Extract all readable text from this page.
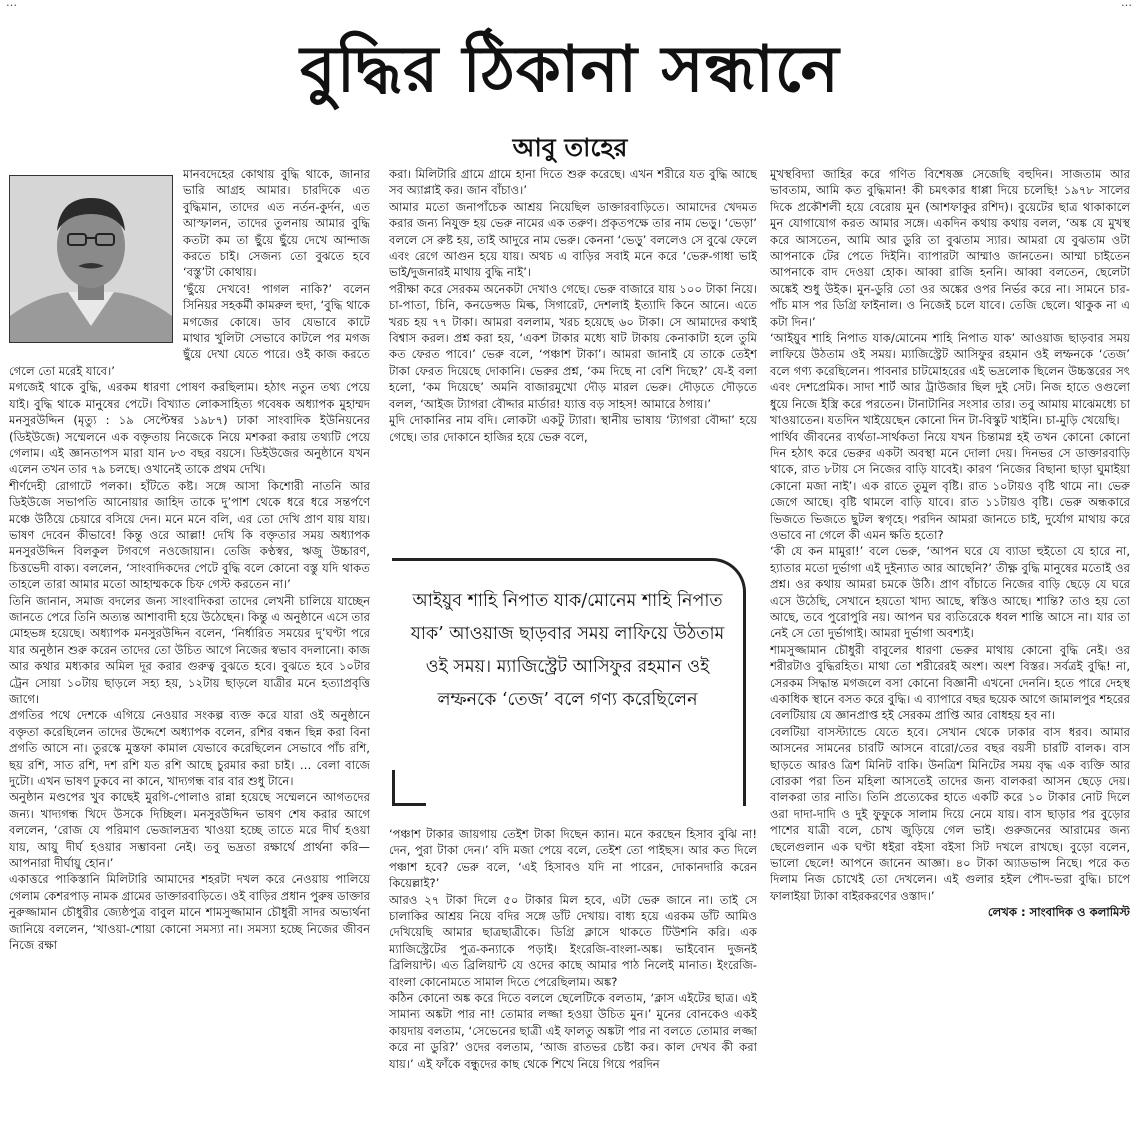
…	…
বুদ্ধির ঠিকানা সন্ধানে
আবু তাহের

মানবদেহের কোথায় বুদ্ধি থাকে, জানার ভারি আগ্রহ আমার। চারদিকে এত বুদ্ধিমান, তাদের এত নর্তন-কুর্দন, এত আস্ফালন, তাদের তুলনায় আমার বুদ্ধি কতটা কম তা ছুঁয়ে ছুঁয়ে দেখে আন্দাজ করতে চাই। সেজন্য তো বুঝতে হবে ‘বস্তু’টা কোথায়।

‘ছুঁয়ে দেখবে! পাগল নাকি?’ বলেন সিনিয়র সহকর্মী কামরুল হুদা, ‘বুদ্ধি থাকে মগজের কোষে। ডাব যেভাবে কাটে মাথার খুলিটা সেভাবে কাটলে পর মগজ ছুঁয়ে দেখা যেতে পারে। ওই কাজ করতে গেলে তো মরেই যাবে।’

মগজেই থাকে বুদ্ধি, এরকম ধারণা পোষণ করছিলাম। হঠাৎ নতুন তথ্য পেয়ে যাই। বুদ্ধি থাকে মানুষের পেটে। বিখ্যাত লোকসাহিত্য গবেষক অধ্যাপক মুহাম্মদ মনসুরউদ্দিন (মৃত্যু : ১৯ সেপ্টেম্বর ১৯৮৭) ঢাকা সাংবাদিক ইউনিয়নের (ডিইউজে) সম্মেলনে এক বক্তৃতায় নিজেকে নিয়ে মশকরা করায় তথ্যটি পেয়ে গেলাম। এই জ্ঞানতাপস মারা যান ৮৩ বছর বয়সে। ডিইউজের অনুষ্ঠানে যখন এলেন তখন তার ৭৯ চলছে। ওখানেই তাকে প্রথম দেখি।

শীর্ণদেহী রোগাটে পলকা। হাঁটতে কষ্ট। সঙ্গে আসা কিশোরী নাতনি আর ডিইউজে সভাপতি আনোয়ার জাহিদ তাকে দু’পাশ থেকে ধরে ধরে সন্তর্পণে মঞ্চে উঠিয়ে চেয়ারে বসিয়ে দেন। মনে মনে বলি, এর তো দেখি প্রাণ যায় যায়। ভাষণ দেবেন কীভাবে! কিন্তু ওরে আল্লা! দেখি কি বক্তৃতার সময় অধ্যাপক মনসুরউদ্দিন বিলকুল টগবগে নওজোয়ান। তেজি কণ্ঠস্বর, ঋজু উচ্চারণ, চিত্তভেদী বাক্য। বললেন, ‘সাংবাদিকদের পেটে বুদ্ধি বলে কোনো বস্তু যদি থাকত তাহলে তারা আমার মতো আহাম্মককে চিফ গেস্ট করতেন না।’

তিনি জানান, সমাজ বদলের জন্য সাংবাদিকরা তাদের লেখনী চালিয়ে যাচ্ছেন জানতে পেরে তিনি অত্যন্ত আশাবাদী হয়ে উঠেছেন। কিন্তু এ অনুষ্ঠানে এসে তার মোহভঙ্গ হয়েছে। অধ্যাপক মনসুরউদ্দিন বলেন, ‘নির্ধারিত সময়ের দু’ঘণ্টা পরে যার অনুষ্ঠান শুরু করেন তাদের তো উচিত আগে নিজের স্বভাব বদলানো। কাজ আর কথার মধ্যকার অমিল দূর করার গুরুত্ব বুঝতে হবে। বুঝতে হবে ১০টার ট্রেন সোয়া ১০টায় ছাড়লে সহ্য হয়, ১২টায় ছাড়লে যাত্রীর মনে হত্যাপ্রবৃত্তি জাগে।

প্রগতির পথে দেশকে এগিয়ে নেওয়ার সংকল্প ব্যক্ত করে যারা ওই অনুষ্ঠানে বক্তৃতা করেছিলেন তাদের উদ্দেশে অধ্যাপক বলেন, রশির বন্ধন ছিন্ন করা বিনা প্রগতি আসে না। তুরস্কে মুস্তফা কামাল যেভাবে করেছিলেন সেভাবে পাঁচ রশি, ছয় রশি, সাত রশি, দশ রশি যত রশি আছে চুরমার করা চাই। … বেলা বাজে দুটো। এখন ভাষণ ঢুকবে না কানে, খাদ্যগন্ধ বার বার শুধু টানে।

অনুষ্ঠান মণ্ডপের খুব কাছেই মুরগি-পোলাও রান্না হয়েছে সম্মেলনে আগতদের জন্য। খাদ্যগন্ধ খিদে উসকে দিচ্ছিল। মনসুরউদ্দিন ভাষণ শেষ করার আগে বললেন, ‘রোজ যে পরিমাণ ভেজালদ্রব্য খাওয়া হচ্ছে তাতে মরে দীর্ঘ হওয়া যায়, আয়ু দীর্ঘ হওয়ার সম্ভাবনা নেই। তবু ভদ্রতা রক্ষার্থে প্রার্থনা করি— আপনারা দীর্ঘায়ু হোন।’

একাত্তরে পাকিস্তানি মিলিটারি আমাদের শহরটা দখল করে নেওয়ায় পালিয়ে গেলাম কেশরপাড় নামক গ্রামের ডাক্তারবাড়িতে। ওই বাড়ির প্রধান পুরুষ ডাক্তার নুরুজ্জামান চৌধুরীর জ্যেষ্ঠপুত্র বাবুল মানে শামসুজ্জামান চৌধুরী সাদর অভ্যর্থনা জানিয়ে বললেন, ‘খাওয়া-শোয়া কোনো সমস্যা না। সমস্যা হচ্ছে নিজের জীবন নিজে রক্ষা

করা। মিলিটারি গ্রামে গ্রামে হানা দিতে শুরু করেছে। এখন শরীরে যত বুদ্ধি আছে সব অ্যাপ্লাই কর। জান বাঁচাও।’

আমার মতো জনাপাঁচেক আশ্রয় নিয়েছিল ডাক্তারবাড়িতে। আমাদের খেদমত করার জন্য নিযুক্ত হয় ভেরু নামের এক তরুণ। প্রকৃতপক্ষে তার নাম ভেড়ু। ‘ভেড়া’ বললে সে রুষ্ট হয়, তাই আদুরে নাম ভেরু। কেননা ‘ভেড়ু’ বললেও সে বুঝে ফেলে এবং রেগে আগুন হয়ে যায়। অথচ এ বাড়ির সবাই মনে করে ‘ভেরু-গাধা ভাই ভাই/দুজনারই মাথায় বুদ্ধি নাই’।

পরীক্ষা করে সেরকম অনেকটা দেখাও গেছে। ভেরু বাজারে যায় ১০০ টাকা নিয়ে। চা-পাতা, চিনি, কনডেন্সড মিল্ক, সিগারেট, দেশলাই ইত্যাদি কিনে আনে। এতে খরচ হয় ৭৭ টাকা। আমরা বললাম, খরচ হয়েছে ৬০ টাকা। সে আমাদের কথাই বিশ্বাস করল। প্রশ্ন করা হয়, ‘একশ টাকার মধ্যে ষাট টাকায় কেনাকাটা হলে তুমি কত ফেরত পাবে।’ ভেরু বলে, ‘পঞ্চাশ টাকা’। আমরা জানাই যে তাকে তেইশ টাকা ফেরত দিয়েছে দোকানি। ভেরুর প্রশ্ন, ‘কম দিছে না বেশি দিছে?’ যে-ই বলা হলো, ‘কম দিয়েছে’ অমনি বাজারমুখো দৌড় মারল ভেরু। দৌড়তে দৌড়তে বলল, ‘আইজ ট্যাগরা বৌদ্দার মার্ডার! য্যাত্ত বড় সাহস! আমারে ঠগায়।’

মুদি দোকানির নাম বদি। লোকটা একটু ট্যারা। স্থানীয় ভাষায় ‘ট্যাগরা বৌদ্দা’ হয়ে গেছে। তার দোকানে হাজির হয়ে ভেরু বলে,

‘পঞ্চাশ টাকার জায়গায় তেইশ টাকা দিছেন ক্যান। মনে করছেন হিসাব বুঝি না! দেন, পুরা টাকা দেন।’ বদি মজা পেয়ে বলে, তেইশ তো পাইছস। আর কত দিলে পঞ্চাশ হবে? ভেরু বলে, ‘এই হিসাবও যদি না পারেন, দোকানদারি করেন কিয়েল্লাই?’

আরও ২৭ টাকা দিলে ৫০ টাকার মিল হবে, এটা ভেরু জানে না। তাই সে চালাকির আশ্রয় নিয়ে বদির সঙ্গে ডাঁট দেখায়। বাধ্য হয়ে এরকম ডাঁট আমিও দেখিয়েছি আমার ছাত্রছাত্রীকে। ডিগ্রি ক্লাসে থাকতে টিউশনি করি। এক ম্যাজিস্ট্রেটের পুত্র-কন্যাকে পড়াই। ইংরেজি-বাংলা-অঙ্ক। ভাইবোন দুজনই ব্রিলিয়ান্ট। এত ব্রিলিয়ান্ট যে ওদের কাছে আমার পাঠ নিলেই মানাত। ইংরেজি-বাংলা কোনোমতে সামাল দিতে পেরেছিলাম। অঙ্ক?

কঠিন কোনো অঙ্ক করে দিতে বললে ছেলেটিকে বলতাম, ‘ক্লাস এইটের ছাত্র। এই সামান্য অঙ্কটা পার না! তোমার লজ্জা হওয়া উচিত মুন।’ মুনের বোনকেও একই কায়দায় বলতাম, ‘সেভেনের ছাত্রী এই ফালতু অঙ্কটা পার না বলতে তোমার লজ্জা করে না ডুরি?’ ওদের বলতাম, ‘আজ রাতভর চেষ্টা কর। কাল দেখব কী করা যায়।’ এই ফাঁকে বন্ধুদের কাছ থেকে শিখে নিয়ে গিয়ে পরদিন

আইয়ুব শাহি নিপাত যাক/মোনেম শাহি নিপাত যাক’ আওয়াজ ছাড়বার সময় লাফিয়ে উঠতাম ওই সময়। ম্যাজিস্ট্রেট আসিফুর রহমান ওই লম্ফনকে ‘তেজ’ বলে গণ্য করেছিলেন

মুখস্থবিদ্যা জাহির করে গণিত বিশেষজ্ঞ সেজেছি বহুদিন। সাজতাম আর ভাবতাম, আমি কত বুদ্ধিমান! কী চমৎকার ধাপ্পা দিয়ে চলেছি! ১৯৭৮ সালের দিকে প্রকৌশলী হয়ে বেরোয় মুন (আশফাকুর রশিদ)। বুয়েটের ছাত্র থাকাকালে মুন যোগাযোগ করত আমার সঙ্গে। একদিন কথায় কথায় বলল, ‘অঙ্ক যে মুখস্থ করে আসতেন, আমি আর ডুরি তা বুঝতাম স্যার। আমরা যে বুঝতাম ওটা আপনাকে টের পেতে দিইনি। ব্যাপারটা আম্মাও জানতেন। আম্মা চাইতেন আপনাকে বাদ দেওয়া হোক। আব্বা রাজি হননি। আব্বা বলতেন, ছেলেটা অঙ্কেই শুধু উইক। মুন-ডুরি তো ওর অঙ্কের ওপর নির্ভর করে না। সামনে চার-পাঁচ মাস পর ডিগ্রি ফাইনাল। ও নিজেই চলে যাবে। তেজি ছেলে। থাকুক না এ কটা দিন।’

‘আইয়ুব শাহি নিপাত যাক/মোনেম শাহি নিপাত যাক’ আওয়াজ ছাড়বার সময় লাফিয়ে উঠতাম ওই সময়। ম্যাজিস্ট্রেট আসিফুর রহমান ওই লম্ফনকে ‘তেজ’ বলে গণ্য করেছিলেন। পাবনার চাটমোহরের এই ভদ্রলোক ছিলেন উচ্চস্তরের সৎ এবং দেশপ্রেমিক। সাদা শার্ট আর ট্রাউজার ছিল দুই সেট। নিজ হাতে ওগুলো ধুয়ে নিজে ইস্ত্রি করে পরতেন। টানাটানির সংসার তার। তবু আমায় মাঝেমধ্যে চা খাওয়াতেন। যতদিন খাইয়েছেন কোনো দিন টা-বিস্কুট খাইনি। চা-মুড়ি খেয়েছি।

পার্থিব জীবনের ব্যর্থতা-সার্থকতা নিয়ে যখন চিন্তামগ্ন হই তখন কোনো কোনো দিন হঠাৎ করে ভেরুর একটা অবস্থা মনে দোলা দেয়। দিনভর সে ডাক্তারবাড়ি থাকে, রাত ৮টায় সে নিজের বাড়ি যাবেই। কারণ ‘নিজের বিছানা ছাড়া ঘুমাইয়া কোনো মজা নাই’। এক রাতে তুমুল বৃষ্টি। রাত ১০টায়ও বৃষ্টি থামে না। ভেরু জেগে আছে। বৃষ্টি থামলে বাড়ি যাবে। রাত ১১টায়ও বৃষ্টি। ভেরু অন্ধকারে ভিজতে ভিজতে ছুটল স্বগৃহে। পরদিন আমরা জানতে চাই, দুর্যোগ মাথায় করে ওভাবে না গেলে কী এমন ক্ষতি হতো?

‘কী যে কন মামুরা!’ বলে ভেরু, ‘আপন ঘরে যে ব্যাডা হুইতো যে হারে না, হ্যাতার মতো দুর্ভাগা এই দুইন্যাত আর আছেনি?’ তীক্ষ্ণ বুদ্ধি মানুষের মতোই ওর প্রশ্ন। ওর কথায় আমরা চমকে উঠি। প্রাণ বাঁচাতে নিজের বাড়ি ছেড়ে যে ঘরে এসে উঠেছি, সেখানে হয়তো খাদ্য আছে, স্বস্তিও আছে। শান্তি? তাও হয় তো আছে, তবে পুরোপুরি নয়। আপন ঘর ব্যতিরেকে ধবল শান্তি আসে না। যার তা নেই সে তো দুর্ভাগাই। আমরা দুর্ভাগা অবশ্যই।

শামসুজ্জামান চৌধুরী বাবুলের ধারণা ভেরুর মাথায় কোনো বুদ্ধি নেই। ওর শরীরটাও বুদ্ধিরহিত। মাথা তো শরীরেরই অংশ। অংশ বিস্তর। সর্বত্রই বুদ্ধি! না, সেরকম সিদ্ধান্ত মগজলে বসা কোনো বিজ্ঞানী এখনো দেননি। হতে পারে দেহস্থ একাধিক স্থানে বসত করে বুদ্ধি। এ ব্যাপারে বছর ছয়েক আগে জামালপুর শহরের বেলটিয়ায় যে জ্ঞানপ্রাপ্ত হই সেরকম প্রাপ্তি আর বোধহয় হব না।

বেলটিয়া বাসস্ট্যান্ডে যেতে হবে। সেখান থেকে ঢাকার বাস ধরব। আমার আসনের সামনের চারটি আসনে বারো/তের বছর বয়সী চারটি বালক। বাস ছাড়তে আরও ত্রিশ মিনিট বাকি। উনত্রিশ মিনিটের সময় বৃদ্ধ এক ব্যক্তি আর বোরকা পরা তিন মহিলা আসতেই তাদের জন্য বালকরা আসন ছেড়ে দেয়। বালকরা তার নাতি। তিনি প্রত্যেকের হাতে একটি করে ১০ টাকার নোট দিলে ওরা দাদা-দাদি ও দুই ফুফুকে সালাম দিয়ে নেমে যায়। বাস ছাড়ার পর বুড়োর পাশের যাত্রী বলে, চোখ জুড়িয়ে গেল ভাই। গুরুজনের আরামের জন্য ছেলেগুলান এক ঘণ্টা ধইরা বইসা বইসা সিট দখলে রাখছে। বুড়ো বলেন, ভালো ছেলে! আপনে জানেন আজ্ঞা। ৪০ টাকা অ্যাডভান্স নিছে। পরে কত দিলাম নিজ চোখেই তো দেখলেন। এই গুলার হইল পৌদ-ভরা বুদ্ধি। চাপে ফালাইয়া ট্যাকা বাইরকরণের ওস্তাদ।’

লেখক : সাংবাদিক ও কলামিস্ট
